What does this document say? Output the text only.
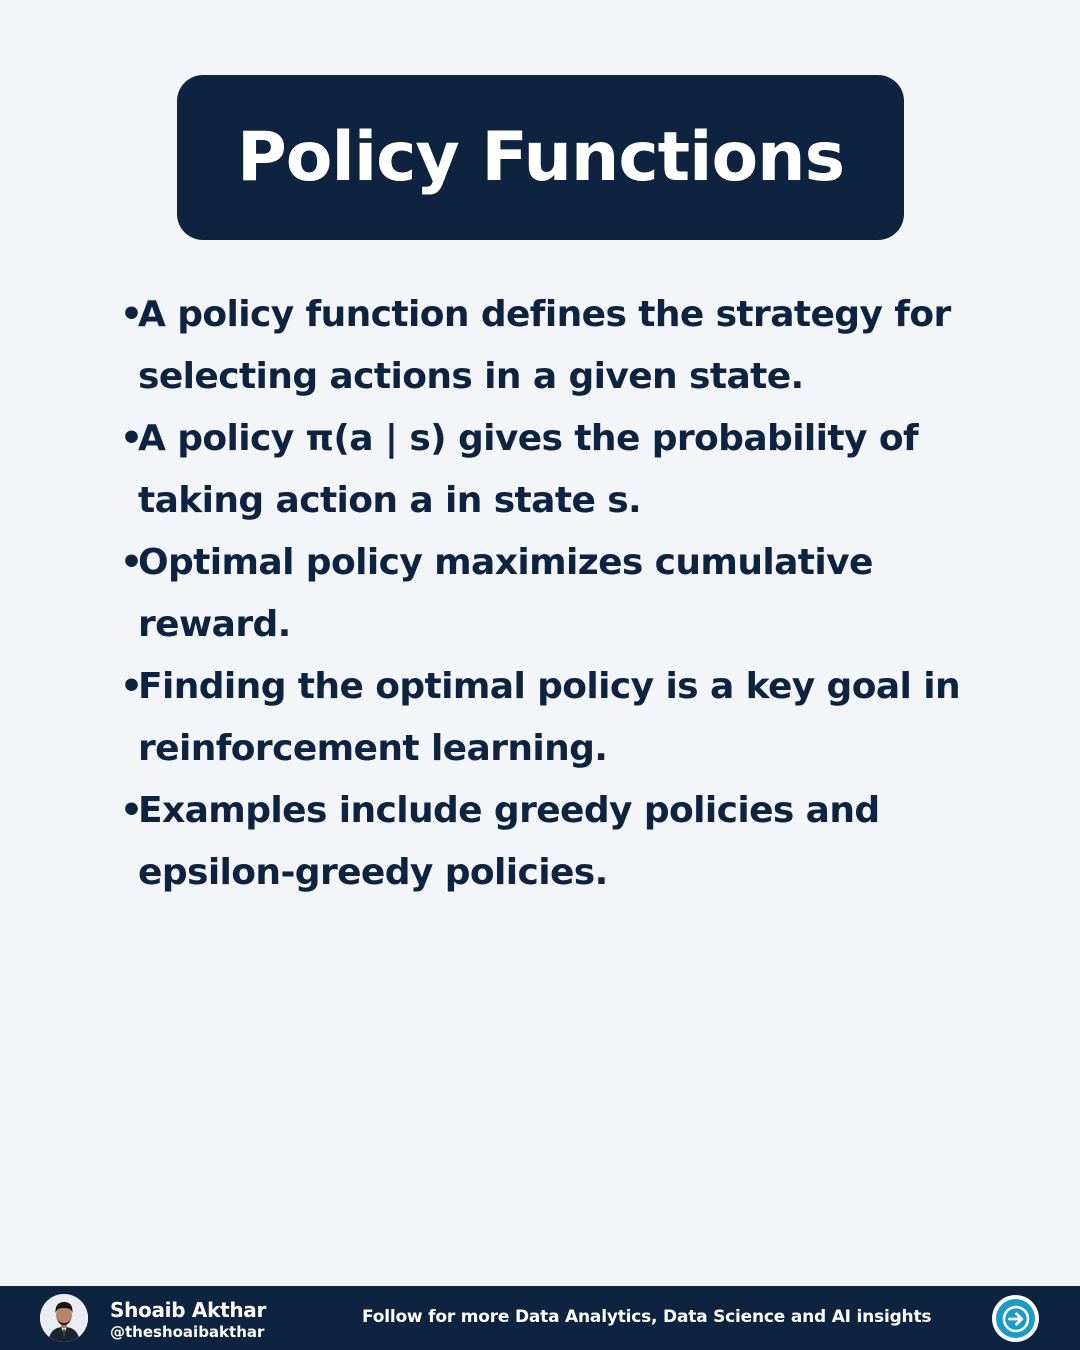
Policy Functions
•
A policy function defines the strategy for selecting actions in a given state.
•
A policy π(a | s) gives the probability of taking action a in state s.
•
Optimal policy maximizes cumulative reward.
•
Finding the optimal policy is a key goal in reinforcement learning.
•
Examples include greedy policies and epsilon-greedy policies.
Shoaib Akthar
@theshoaibakthar
Follow for more Data Analytics, Data Science and AI insights
